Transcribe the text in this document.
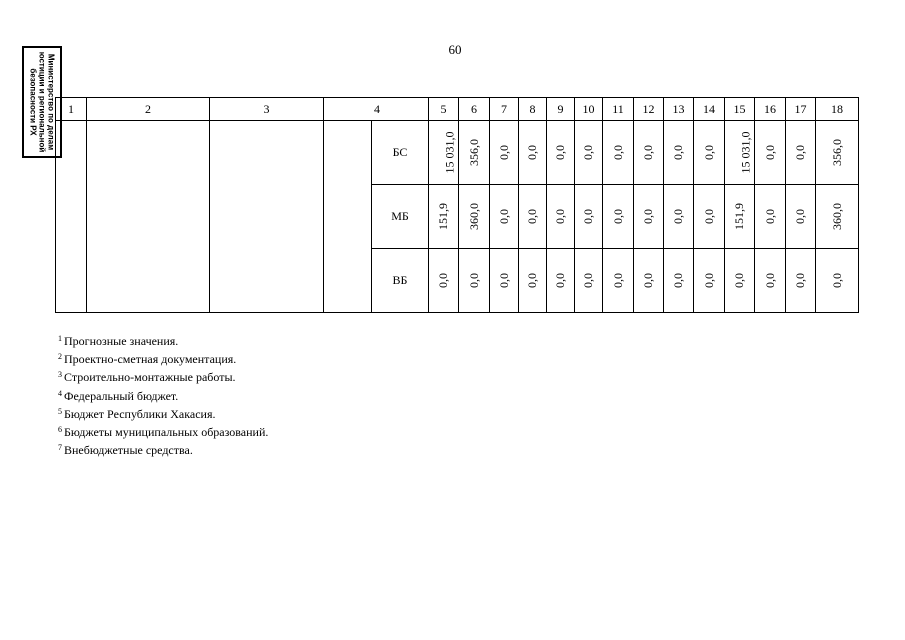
60
Министерство по делам
юстиции и региональной
безопасности РХ	1	2	3	4		5	6	7	8	9	10	11	12	13	14	15	16	17	18
				БС	15 031,0	356,0	0,0	0,0	0,0	0,0	0,0	0,0	0,0	0,0	15 031,0	0,0	0,0	356,0
				МБ	151,9	360,0	0,0	0,0	0,0	0,0	0,0	0,0	0,0	0,0	151,9	0,0	0,0	360,0
				ВБ	0,0	0,0	0,0	0,0	0,0	0,0	0,0	0,0	0,0	0,0	0,0	0,0	0,0	0,0
$^1$ Прогнозные значения.
$^2$ Проектно-сметная документация.
$^3$ Строительно-монтажные работы.
$^4$ Федеральный бюджет.
$^5$ Бюджет Республики Хакасия.
$^6$ Бюджеты муниципальных образований.
$^7$ Внебюджетные средства.
